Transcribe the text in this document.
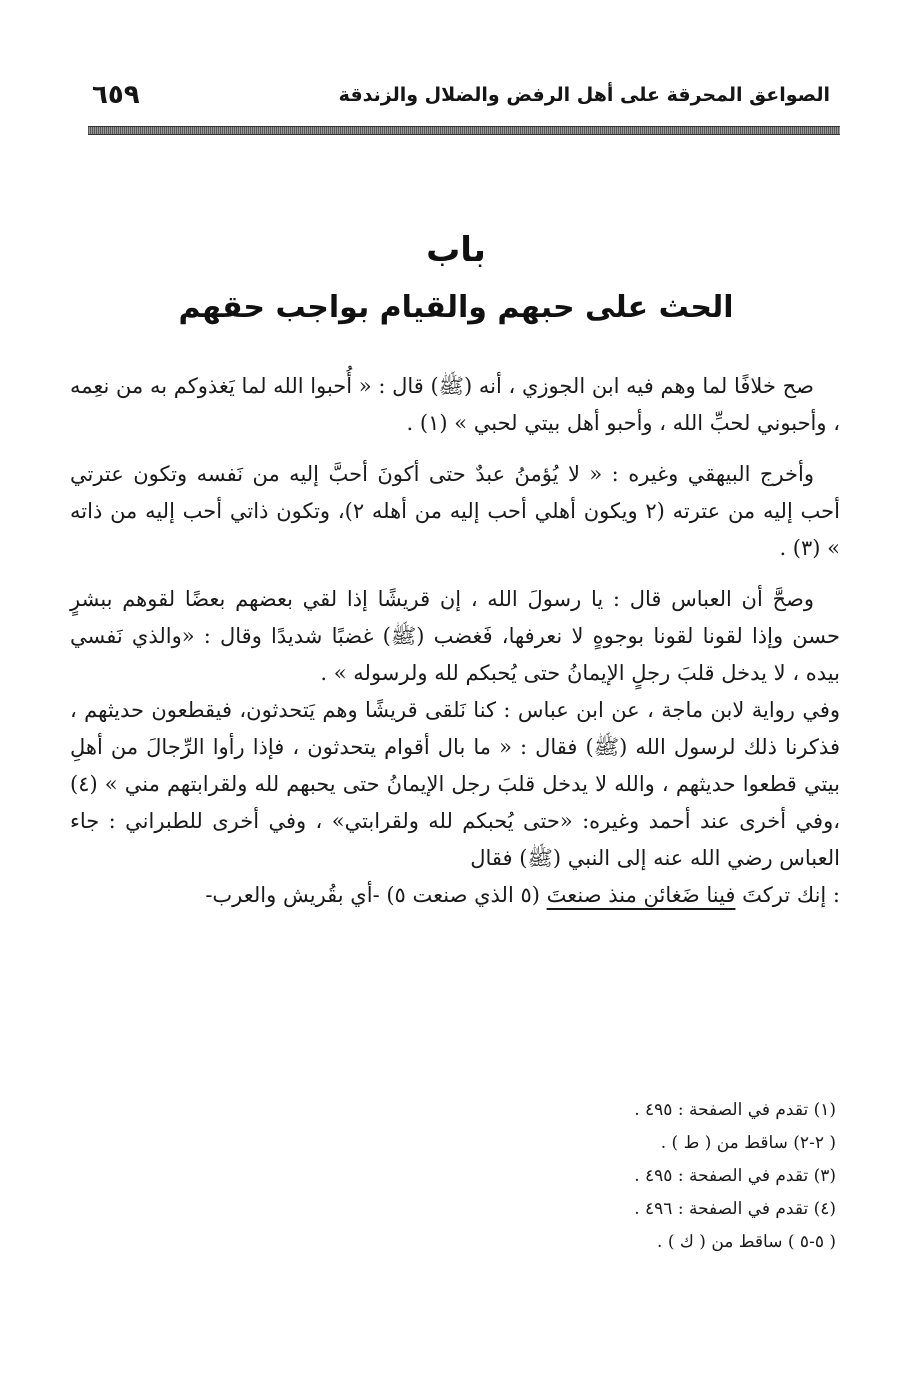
الصواعق المحرقة على أهل الرفض والضلال والزندقة
٦٥٩
باب
الحث على حبهم والقيام بواجب حقهم

صح خلافًا لما وهم فيه ابن الجوزي ، أنه (ﷺ) قال : « أُحبوا الله لما يَغذوكم به من نعِمه ، وأحبوني لحبِّ الله ، وأحبو أهل بيتي لحبي » (١) .

وأخرج البيهقي وغيره : « لا يُؤمنُ عبدٌ حتى أكونَ أحبَّ إليه من نَفسه وتكون عترتي أحب إليه من عترته (٢ ويكون أهلي أحب إليه من أهله ٢)، وتكون ذاتي أحب إليه من ذاته » (٣) .

وصحَّ أن العباس قال : يا رسولَ الله ، إن قريشًا إذا لقي بعضهم بعضًا لقوهم ببشرٍ حسن وإذا لقونا لقونا بوجوهٍ لا نعرفها، فَغضب (ﷺ) غضبًا شديدًا وقال : «والذي نَفسي بيده ، لا يدخل قلبَ رجلٍ الإيمانُ حتى يُحبكم لله ولرسوله » .

وفي رواية لابن ماجة ، عن ابن عباس : كنا نَلقى قريشًا وهم يَتحدثون، فيقطعون حديثهم ، فذكرنا ذلك لرسول الله (ﷺ) فقال : « ما بال أقوام يتحدثون ، فإذا رأوا الرِّجالَ من أهلِ بيتي قطعوا حديثهم ، والله لا يدخل قلبَ رجل الإيمانُ حتى يحبهم لله ولقرابتهم مني » (٤) ،وفي أخرى عند أحمد وغيره: «حتى يُحبكم لله ولقرابتي» ، وفي أخرى للطبراني : جاء العباس رضي الله عنه إلى النبي (ﷺ) فقال

: إنك تركتَ فينا ضَغائن منذ صنعتَ (٥ الذي صنعت ٥) -أي بقُريش والعرب-

(١) تقدم في الصفحة : ٤٩٥ .
( ٢-٢) ساقط من ( ط ) .
(٣) تقدم في الصفحة : ٤٩٥ .
(٤) تقدم في الصفحة : ٤٩٦ .
( ٥-٥ ) ساقط من ( ك ) .
